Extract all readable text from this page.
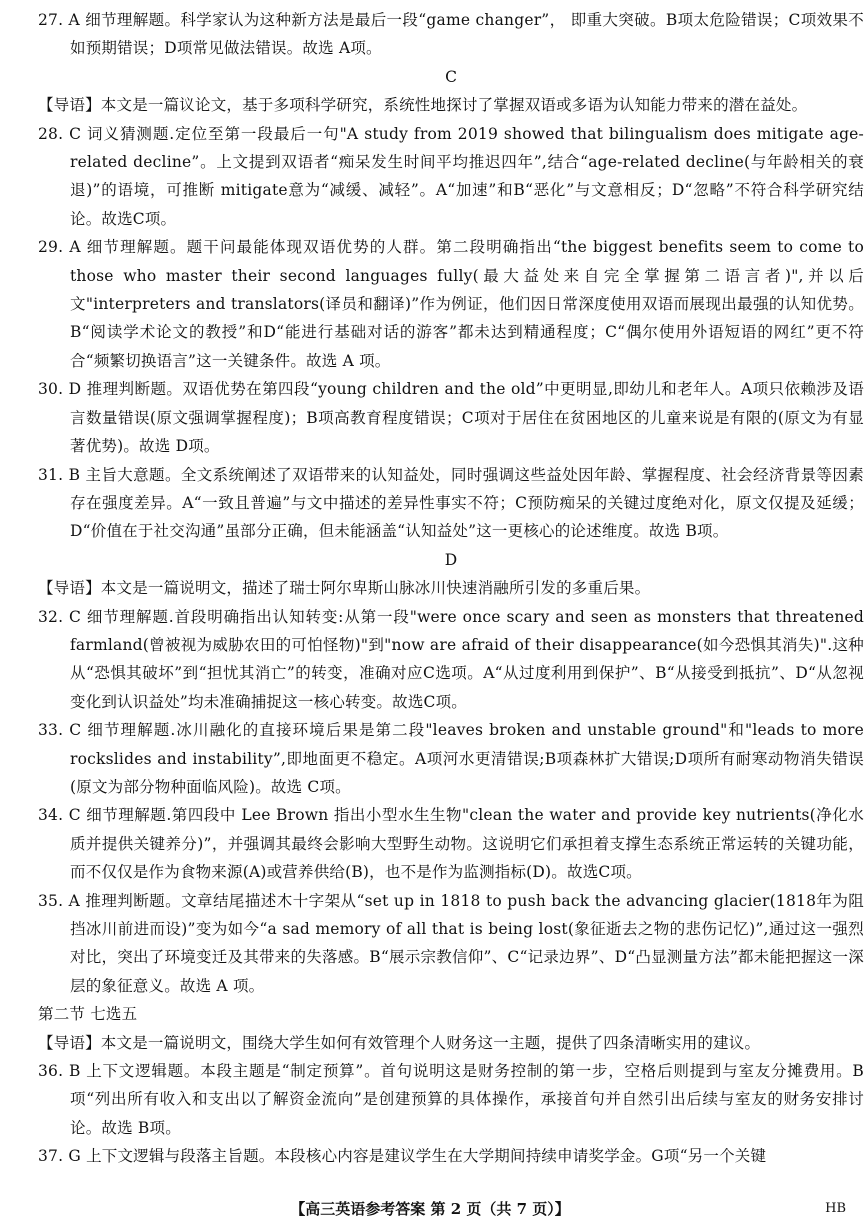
27. A 细节理解题。科学家认为这种新方法是最后一段“game changer”， 即重大突破。B项太危险错误；C项效果不如预期错误；D项常见做法错误。故选 A项。

C

【导语】本文是一篇议论文，基于多项科学研究，系统性地探讨了掌握双语或多语为认知能力带来的潜在益处。

28. C 词义猜测题.定位至第一段最后一句"A study from 2019 showed that bilingualism does mitigate age-related decline”。上文提到双语者“痴呆发生时间平均推迟四年”,结合“age-related decline(与年龄相关的衰退)”的语境，可推断 mitigate意为“减缓、减轻”。A“加速”和B“恶化”与文意相反；D“忽略”不符合科学研究结论。故选C项。

29. A 细节理解题。题干问最能体现双语优势的人群。第二段明确指出“the biggest benefits seem to come to those who master their second languages fully(最大益处来自完全掌握第二语言者)",并以后文"interpreters and translators(译员和翻译)”作为例证，他们因日常深度使用双语而展现出最强的认知优势。B“阅读学术论文的教授”和D“能进行基础对话的游客”都未达到精通程度；C“偶尔使用外语短语的网红”更不符合“频繁切换语言”这一关键条件。故选 A 项。

30. D 推理判断题。双语优势在第四段“young children and the old”中更明显,即幼儿和老年人。A项只依赖涉及语言数量错误(原文强调掌握程度)；B项高教育程度错误；C项对于居住在贫困地区的儿童来说是有限的(原文为有显著优势)。故选 D项。

31. B 主旨大意题。全文系统阐述了双语带来的认知益处，同时强调这些益处因年龄、掌握程度、社会经济背景等因素存在强度差异。A“一致且普遍”与文中描述的差异性事实不符；C预防痴呆的关键过度绝对化，原文仅提及延缓；D“价值在于社交沟通”虽部分正确，但未能涵盖“认知益处”这一更核心的论述维度。故选 B项。

D

【导语】本文是一篇说明文，描述了瑞士阿尔卑斯山脉冰川快速消融所引发的多重后果。

32. C 细节理解题.首段明确指出认知转变:从第一段"were once scary and seen as monsters that threatened farmland(曾被视为威胁农田的可怕怪物)"到"now are afraid of their disappearance(如今恐惧其消失)".这种从“恐惧其破坏”到“担忧其消亡”的转变，准确对应C选项。A“从过度利用到保护”、B“从接受到抵抗”、D“从忽视变化到认识益处”均未准确捕捉这一核心转变。故选C项。

33. C 细节理解题.冰川融化的直接环境后果是第二段"leaves broken and unstable ground"和"leads to more rockslides and instability”,即地面更不稳定。A项河水更清错误;B项森林扩大错误;D项所有耐寒动物消失错误(原文为部分物种面临风险)。故选 C项。

34. C 细节理解题.第四段中 Lee Brown 指出小型水生生物"clean the water and provide key nutrients(净化水质并提供关键养分)”，并强调其最终会影响大型野生动物。这说明它们承担着支撑生态系统正常运转的关键功能，而不仅仅是作为食物来源(A)或营养供给(B)，也不是作为监测指标(D)。故选C项。

35. A 推理判断题。文章结尾描述木十字架从“set up in 1818 to push back the advancing glacier(1818年为阻挡冰川前进而设)”变为如今“a sad memory of all that is being lost(象征逝去之物的悲伤记忆)”,通过这一强烈对比，突出了环境变迁及其带来的失落感。B“展示宗教信仰”、C“记录边界”、D“凸显测量方法”都未能把握这一深层的象征意义。故选 A 项。

第二节 七选五

【导语】本文是一篇说明文，围绕大学生如何有效管理个人财务这一主题，提供了四条清晰实用的建议。

36. B 上下文逻辑题。本段主题是“制定预算”。首句说明这是财务控制的第一步，空格后则提到与室友分摊费用。B项“列出所有收入和支出以了解资金流向”是创建预算的具体操作，承接首句并自然引出后续与室友的财务安排讨论。故选 B项。

37. G 上下文逻辑与段落主旨题。本段核心内容是建议学生在大学期间持续申请奖学金。G项“另一个关键

【高三英语参考答案 第 2 页（共 7 页）】	HB
